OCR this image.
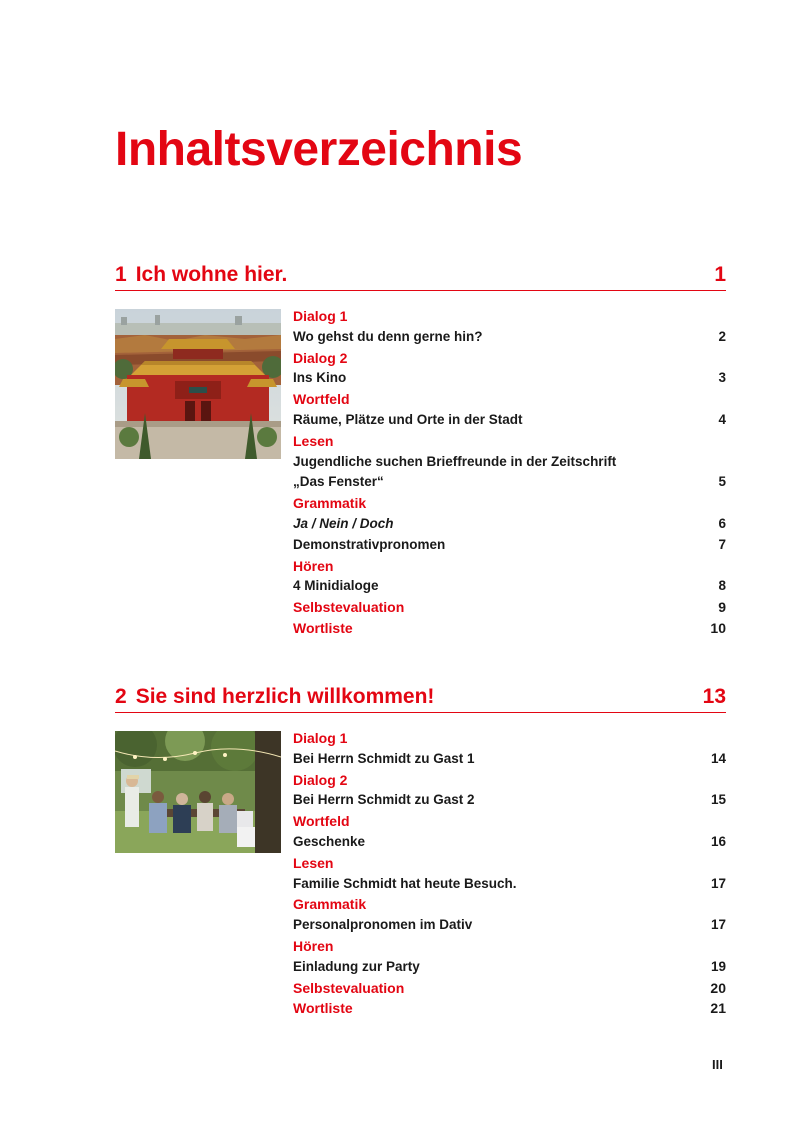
Inhaltsverzeichnis
1 Ich wohne hier.	1
Dialog 1
Wo gehst du denn gerne hin?	2
Dialog 2
Ins Kino	3
Wortfeld
Räume, Plätze und Orte in der Stadt	4
Lesen
Jugendliche suchen Brieffreunde in der Zeitschrift
„Das Fenster“	5
Grammatik
Ja / Nein / Doch	6
Demonstrativpronomen	7
Hören
4 Minidialoge	8
Selbstevaluation	9
Wortliste	10
2 Sie sind herzlich willkommen!	13
Dialog 1
Bei Herrn Schmidt zu Gast 1	14
Dialog 2
Bei Herrn Schmidt zu Gast 2	15
Wortfeld
Geschenke	16
Lesen
Familie Schmidt hat heute Besuch.	17
Grammatik
Personalpronomen im Dativ	17
Hören
Einladung zur Party	19
Selbstevaluation	20
Wortliste	21
III
